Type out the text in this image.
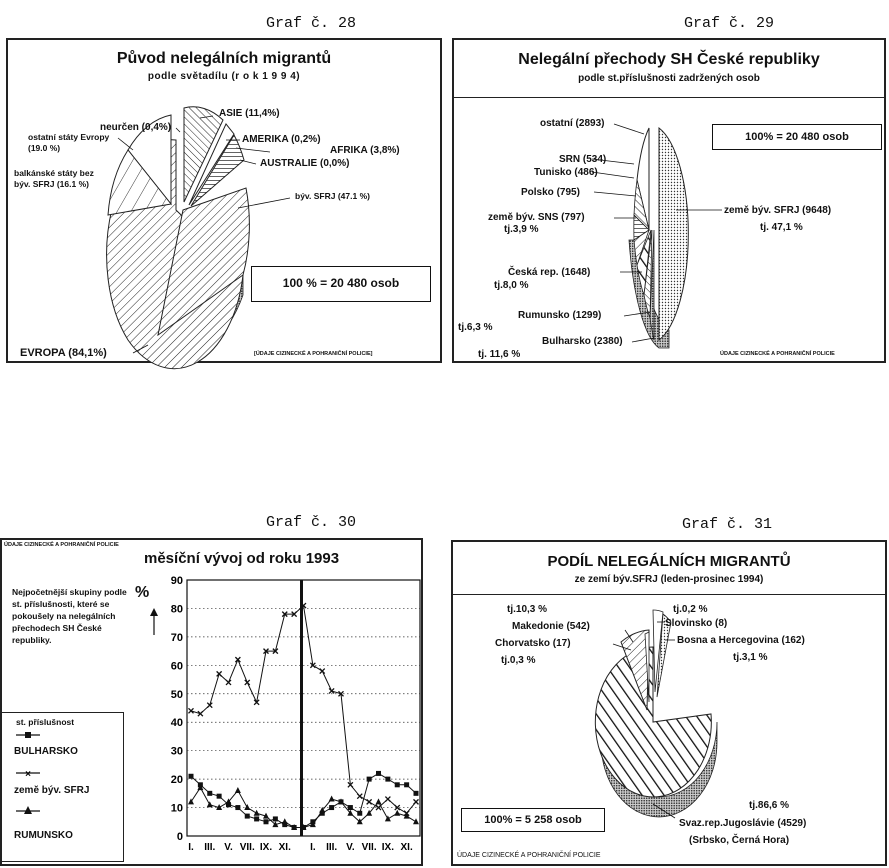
Graf č. 28
Původ nelegálních migrantů
podle světadílu (r o k 1 9 9 4)
ASIE (11,4%)
AMERIKA (0,2%)
AFRIKA (3,8%)
AUSTRALIE (0,0%)
býv. SFRJ (47.1 %)
EVROPA (84,1%)
balkánské státy bez býv. SFRJ (16.1 %)
ostatní státy Evropy (19.0 %)
neurčen (0,4%)
100 % = 20 480 osob
[ÚDAJE CIZINECKÉ A POHRANIČNÍ POLICIE]
Graf č. 29
Nelegální přechody SH České republiky
podle st.příslušnosti zadržených osob
ostatní (2893)
SRN (534)
Tunisko (486)
Polsko (795)
země býv. SNS (797)
tj.3,9 %
Česká rep. (1648)
tj.8,0 %
Rumunsko (1299)
tj.6,3 %
Bulharsko (2380)
tj. 11,6 %
země býv. SFRJ (9648)
tj. 47,1 %
100% = 20 480 osob
ÚDAJE CIZINECKÉ A POHRANIČNÍ POLICIE
Graf č. 30
ÚDAJE CIZINECKÉ A POHRANIČNÍ POLICIE
měsíční vývoj od roku 1993
Nejpočetnější skupiny podle st. příslušnosti, které se pokoušely na nelegálních přechodech SH České republiky.
%
st. příslušnost
×
BULHARSKO
zemĕ býv. SFRJ
RUMUNSKO	0
10
20
30
40
50
60
70
80
90
I. III. V. VII. IX. XI. I. III. V. VII. IX. XI.
Graf č. 31
PODÍL NELEGÁLNÍCH MIGRANTŮ
ze zemí býv.SFRJ (leden-prosinec 1994)
tj.10,3 %
Makedonie (542)
Chorvatsko (17)
tj.0,3 %
tj.0,2 %
Slovinsko (8)
Bosna a Hercegovina (162)
tj.3,1 %
tj.86,6 %
Svaz.rep.Jugoslávie (4529)
(Srbsko, Černá Hora)
100% = 5 258 osob
ÚDAJE CIZINECKÉ A POHRANIČNÍ POLICIE
